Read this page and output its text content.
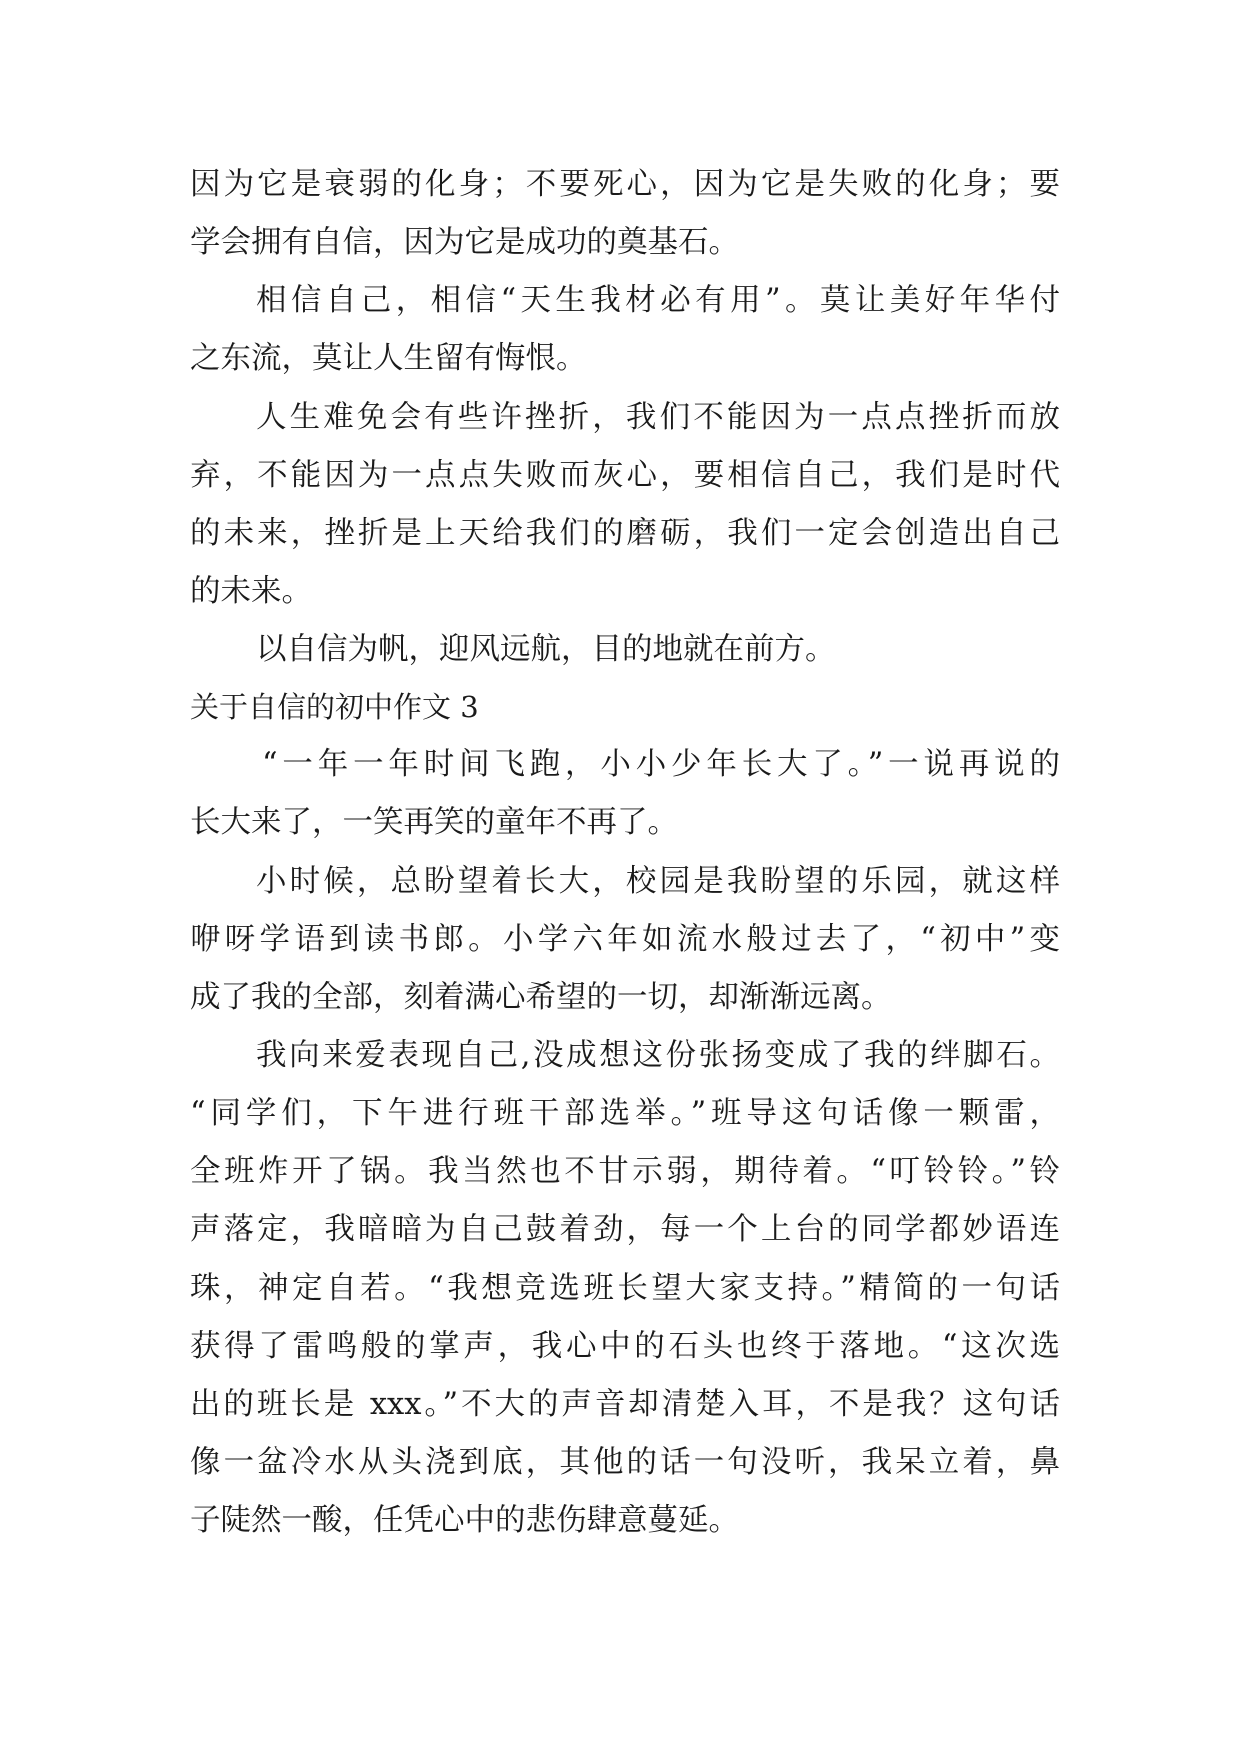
因为它是衰弱的化身；不要死心，因为它是失败的化身；要
学会拥有自信，因为它是成功的奠基石。
相信自己，相信“天生我材必有用”。莫让美好年华付
之东流，莫让人生留有悔恨。
人生难免会有些许挫折，我们不能因为一点点挫折而放
弃，不能因为一点点失败而灰心，要相信自己，我们是时代
的未来，挫折是上天给我们的磨砺，我们一定会创造出自己
的未来。
以自信为帆，迎风远航，目的地就在前方。
关于自信的初中作文 3
“一年一年时间飞跑，小小少年长大了。”一说再说的
长大来了，一笑再笑的童年不再了。
小时候，总盼望着长大，校园是我盼望的乐园，就这样
咿呀学语到读书郎。小学六年如流水般过去了，“初中”变
成了我的全部，刻着满心希望的一切，却渐渐远离。
我向来爱表现自己,没成想这份张扬变成了我的绊脚石。
“同学们，下午进行班干部选举。”班导这句话像一颗雷，
全班炸开了锅。我当然也不甘示弱，期待着。“叮铃铃。”铃
声落定，我暗暗为自己鼓着劲，每一个上台的同学都妙语连
珠，神定自若。“我想竞选班长望大家支持。”精简的一句话
获得了雷鸣般的掌声，我心中的石头也终于落地。“这次选
出的班长是 xxx。”不大的声音却清楚入耳，不是我？这句话
像一盆冷水从头浇到底，其他的话一句没听，我呆立着，鼻
子陡然一酸，任凭心中的悲伤肆意蔓延。
